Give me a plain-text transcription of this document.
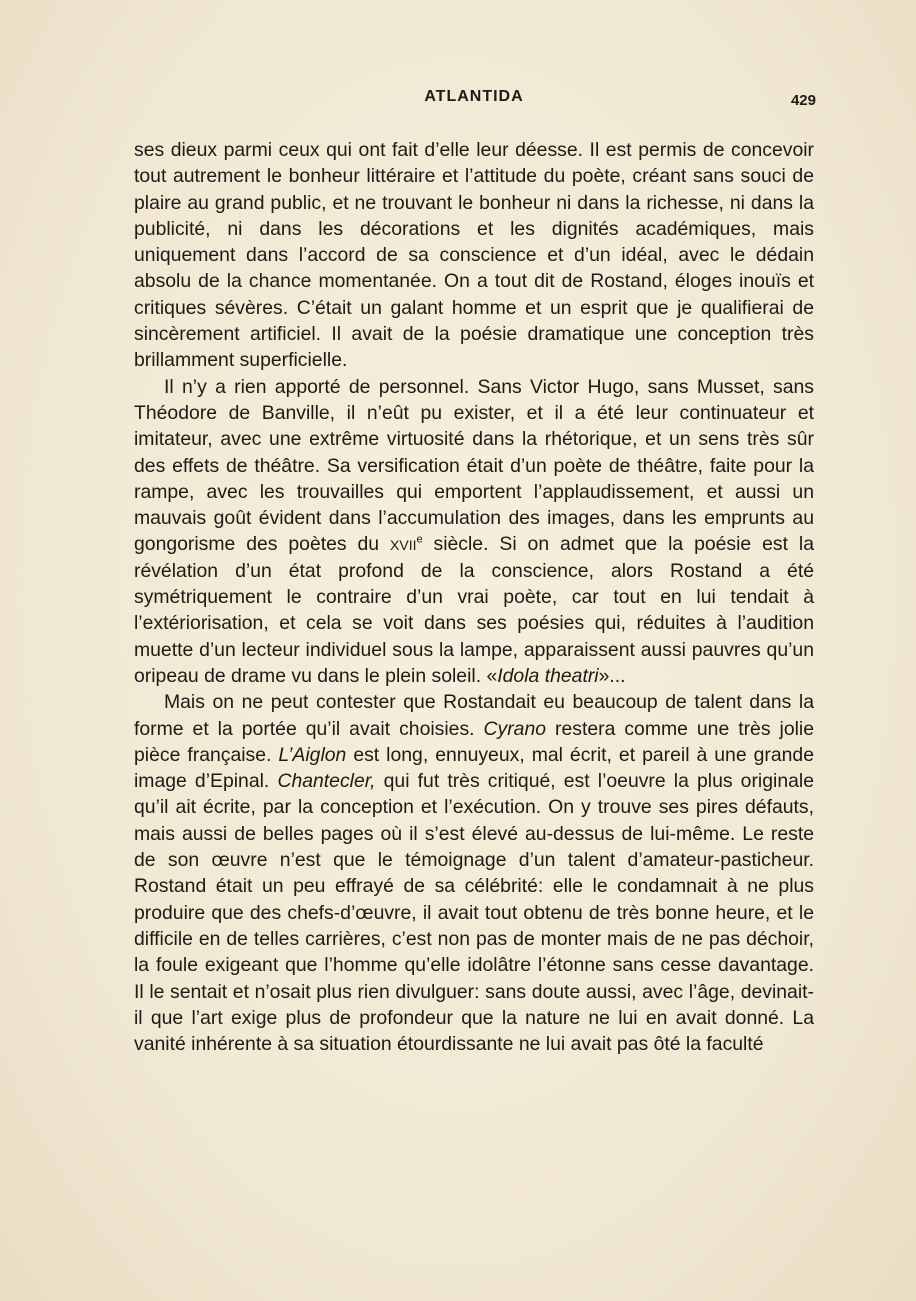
ATLANTIDA	429

ses dieux parmi ceux qui ont fait d’elle leur déesse. Il est permis de concevoir tout autrement le bonheur littéraire et l’attitude du poète, créant sans souci de plaire au grand public, et ne trouvant le bonheur ni dans la richesse, ni dans la publicité, ni dans les décorations et les dignités académiques, mais uniquement dans l’accord de sa conscience et d’un idéal, avec le dédain absolu de la chance momentanée. On a tout dit de Rostand, éloges inouïs et critiques sévères. C’était un galant homme et un esprit que je qualifierai de sincèrement artificiel. Il avait de la poésie dramatique une conception très brillamment superficielle.

Il n’y a rien apporté de personnel. Sans Victor Hugo, sans Musset, sans Théodore de Banville, il n’eût pu exister, et il a été leur continuateur et imitateur, avec une extrême virtuosité dans la rhétorique, et un sens très sûr des effets de théâtre. Sa versification était d’un poète de théâtre, faite pour la rampe, avec les trouvailles qui emportent l’applaudissement, et aussi un mauvais goût évident dans l’accumulation des images, dans les emprunts au gongorisme des poètes du xvii$^e$ siècle. Si on admet que la poésie est la révélation d’un état profond de la conscience, alors Rostand a été symétriquement le contraire d’un vrai poète, car tout en lui tendait à l’extériorisation, et cela se voit dans ses poésies qui, réduites à l’audition muette d’un lecteur individuel sous la lampe, apparaissent aussi pauvres qu’un oripeau de drame vu dans le plein soleil. «Idola theatri»...

Mais on ne peut contester que Rostandait eu beaucoup de talent dans la forme et la portée qu’il avait choisies. Cyrano restera comme une très jolie pièce française. L’Aiglon est long, ennuyeux, mal écrit, et pareil à une grande image d’Epinal. Chantecler, qui fut très critiqué, est l’oeuvre la plus originale qu’il ait écrite, par la conception et l’exécution. On y trouve ses pires défauts, mais aussi de belles pages où il s’est élevé au-dessus de lui-même. Le reste de son œuvre n’est que le témoignage d’un talent d’amateur-pasticheur. Rostand était un peu effrayé de sa célébrité: elle le condamnait à ne plus produire que des chefs-d’œuvre, il avait tout obtenu de très bonne heure, et le difficile en de telles carrières, c’est non pas de monter mais de ne pas déchoir, la foule exigeant que l’homme qu’elle idolâtre l’étonne sans cesse davantage. Il le sentait et n’osait plus rien divulguer: sans doute aussi, avec l’âge, devinait-il que l’art exige plus de profondeur que la nature ne lui en avait donné. La vanité inhérente à sa situation étourdissante ne lui avait pas ôté la faculté
